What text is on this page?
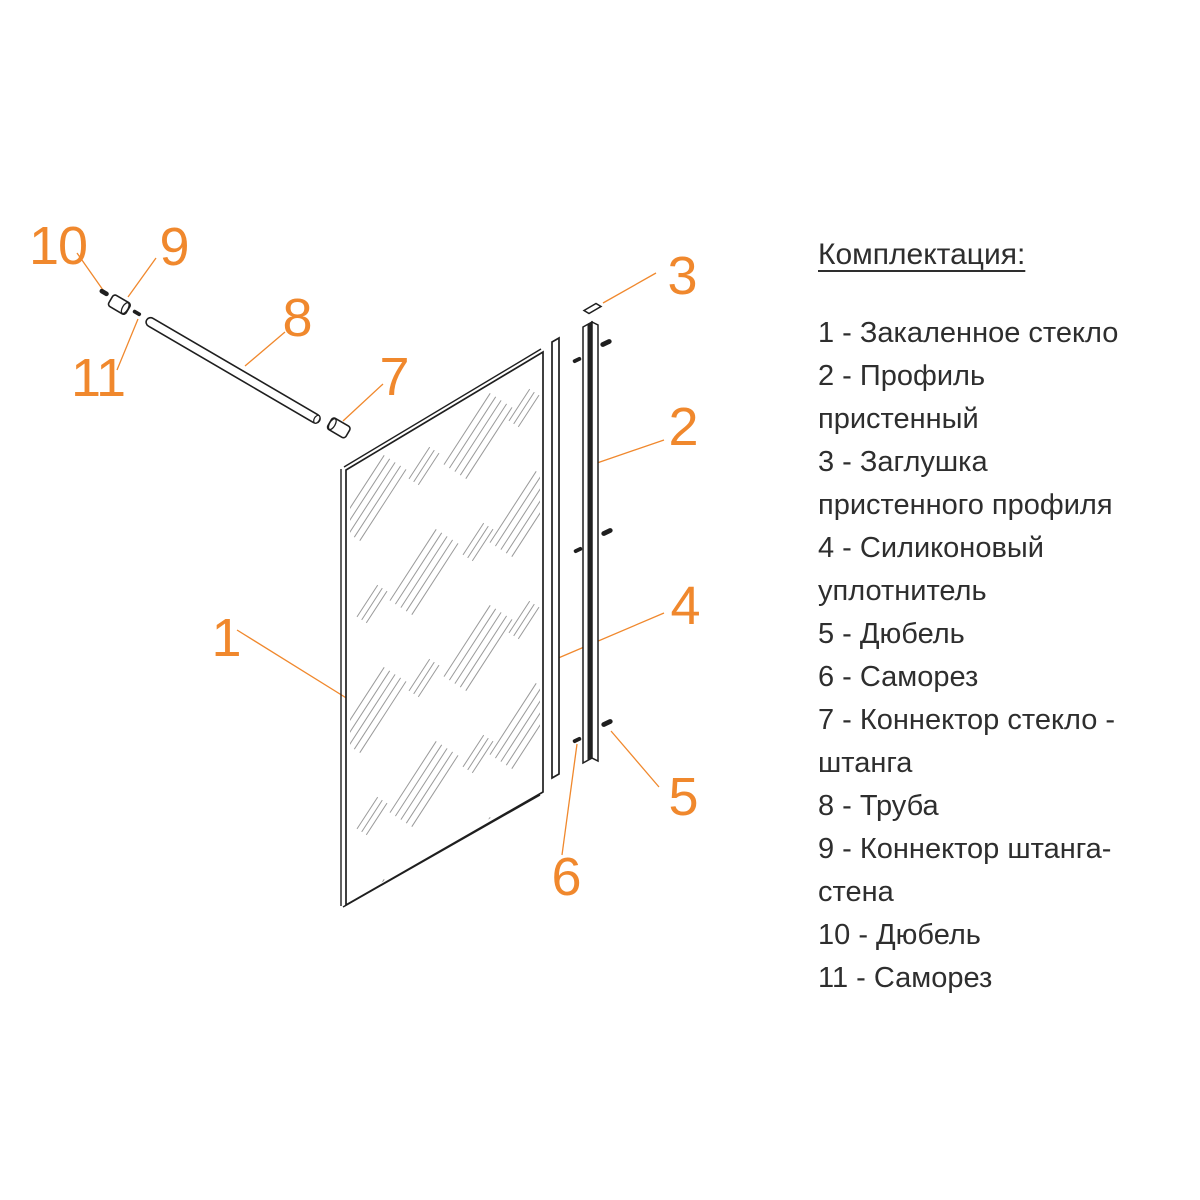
1
2
3
4
5
6
7
8
9
10
11
Комплектация:
1 - Закаленное стекло
2 - Профиль
пристенный
3 - Заглушка
пристенного профиля
4 - Силиконовый
уплотнитель
5 - Дюбель
6 - Саморез
7 - Коннектор стекло -
штанга
8 - Труба
9 - Коннектор штанга-
стена
10 - Дюбель
11 - Саморез
